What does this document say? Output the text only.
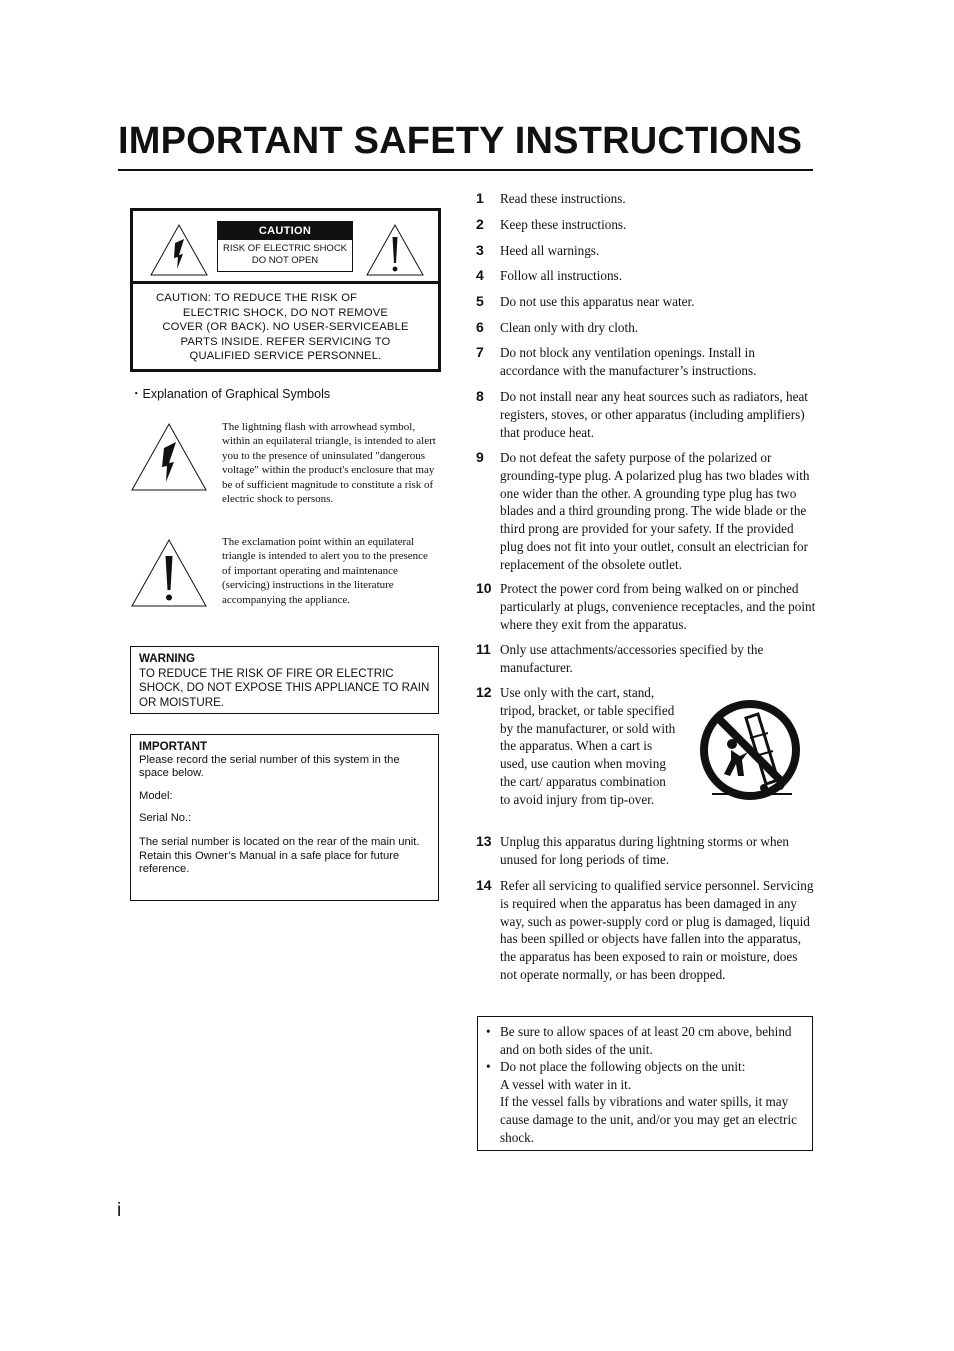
IMPORTANT SAFETY INSTRUCTIONS
CAUTION
RISK OF ELECTRIC SHOCK
DO NOT OPEN
CAUTION: TO REDUCE THE RISK OF
ELECTRIC SHOCK, DO NOT REMOVE
COVER (OR BACK). NO USER-SERVICEABLE
PARTS INSIDE. REFER SERVICING TO
QUALIFIED SERVICE PERSONNEL.
・Explanation of Graphical Symbols
The lightning flash with arrowhead symbol, within an equilateral triangle, is intended to alert you to the presence of uninsulated "dangerous voltage" within the product's enclosure that may be of sufficient magnitude to constitute a risk of electric shock to persons.
The exclamation point within an equilateral triangle is intended to alert you to the presence of important operating and maintenance (servicing) instructions in the literature accompanying the appliance.
WARNING
TO REDUCE THE RISK OF FIRE OR ELECTRIC SHOCK, DO NOT EXPOSE THIS APPLIANCE TO RAIN OR MOISTURE.

IMPORTANT

Please record the serial number of this system in the space below.

Model:

Serial No.:

The serial number is located on the rear of the main unit.

Retain this Owner’s Manual in a safe place for future reference.

1 Read these instructions.
2 Keep these instructions.
3 Heed all warnings.
4 Follow all instructions.
5 Do not use this apparatus near water.
6 Clean only with dry cloth.
7 Do not block any ventilation openings. Install in accordance with the manufacturer’s instructions.
8 Do not install near any heat sources such as radiators, heat registers, stoves, or other apparatus (including amplifiers) that produce heat.
9 Do not defeat the safety purpose of the polarized or grounding-type plug. A polarized plug has two blades with one wider than the other. A grounding type plug has two blades and a third grounding prong. The wide blade or the third prong are provided for your safety. If the provided plug does not fit into your outlet, consult an electrician for replacement of the obsolete outlet.
10 Protect the power cord from being walked on or pinched particularly at plugs, convenience receptacles, and the point where they exit from the apparatus.
11 Only use attachments/accessories specified by the manufacturer.
12 Use only with the cart, stand, tripod, bracket, or table specified by the manufacturer, or sold with the apparatus. When a cart is used, use caution when moving the cart/ apparatus combination to avoid injury from tip-over.
13 Unplug this apparatus during lightning storms or when unused for long periods of time.
14 Refer all servicing to qualified service personnel. Servicing is required when the apparatus has been damaged in any way, such as power-supply cord or plug is damaged, liquid has been spilled or objects have fallen into the apparatus, the apparatus has been exposed to rain or moisture, does not operate normally, or has been dropped.
• Be sure to allow spaces of at least 20 cm above, behind and on both sides of the unit.
• Do not place the following objects on the unit:
A vessel with water in it.
If the vessel falls by vibrations and water spills, it may cause damage to the unit, and/or you may get an electric shock.
i
